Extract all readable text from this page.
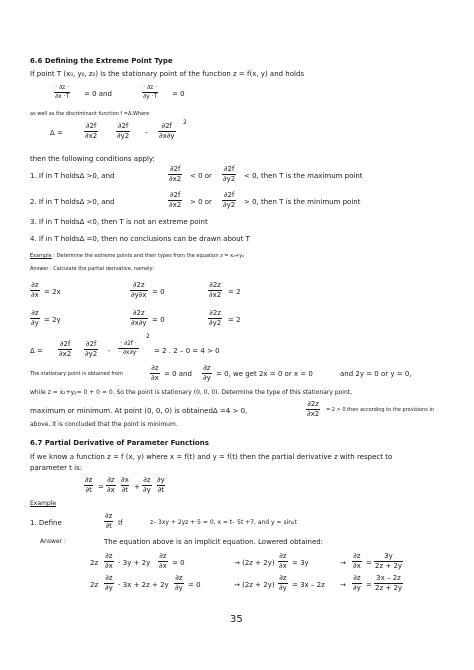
6.6 Defining the Extreme Point Type
If point T (x₀, y₀, z₀) is the stationary point of the function z = f(x, y) and holds
· ∂z ·
∂x ·T = 0 and
· ∂z ·
∂y ·T = 0
as well as the discriminant function f =Δ,Where
Δ =
∂2f
∂x2
∂2f
∂y2 -
∂2f
∂x∂y
2
then the following conditions apply:
1. If in T holdsΔ >0, and
∂2f
∂x2 < 0 or
∂2f
∂y2 < 0, then T is the maximum point
2. If in T holdsΔ >0, and
∂2f
∂x2 > 0 or
∂2f
∂y2 > 0, then T is the minimum point
3. If in T holdsΔ <0, then T is not an extreme point
4. If in T holdsΔ =0, then no conclusions can be drawn about T
Example : Determine the extreme points and their types from the equation z = x₂+y₂
Answer : Calculate the partial derivative, namely:
∂z
∂x = 2x
∂2z
∂y∂x = 0
∂2z
∂x2 = 2
∂z
∂y = 2y
∂2z
∂x∂y = 0
∂2z
∂y2 = 2
Δ =
∂2f
∂x2
∂2f
∂y2 -
· ∂2f ·
· ∂x∂y·
2
= 2 . 2 – 0 = 4 > 0
The stationary point is obtained from
∂z
∂x = 0 and
∂z
∂y = 0, we get 2x = 0 or x = 0	and 2y = 0 or y = 0,
while z = x₂+y₂= 0 + 0 = 0. So the point is stationary (0, 0, 0). Determine the type of this stationary point,
maximum or minimum. At point (0, 0, 0) is obtainedΔ =4 > 0,
∂2z
∂x2 = 2 > 0 then according to the provisions in
above, it is concluded that the point is minimum.
6.7 Partial Derivative of Parameter Functions
If we know a function z = f (x, y) where x = f(t) and y = f(t) then the partial derivative z with respect to
parameter t is:
∂z
∂t =
∂z
∂x
∂x
∂t +
∂z
∂y
∂y
∂t
Example
1. Define
∂z
∂t If	z– 3xy + 2yz + 5 = 0, x = t– 5t +7, and y = sin₂t
Answer :	The equation above is an implicit equation. Lowered obtained:
2z
∂z
∂x - 3y + 2y
∂z
∂x = 0	→ (2z + 2y)
∂z
∂x = 3y	→
∂z
∂x =
3y
2z + 2y
2z
∂z
∂y - 3x + 2z + 2y
∂z
∂y = 0	→ (2z + 2y)
∂z
∂y = 3x – 2z →
∂z
∂y =
3x – 2z
2z + 2y
35
